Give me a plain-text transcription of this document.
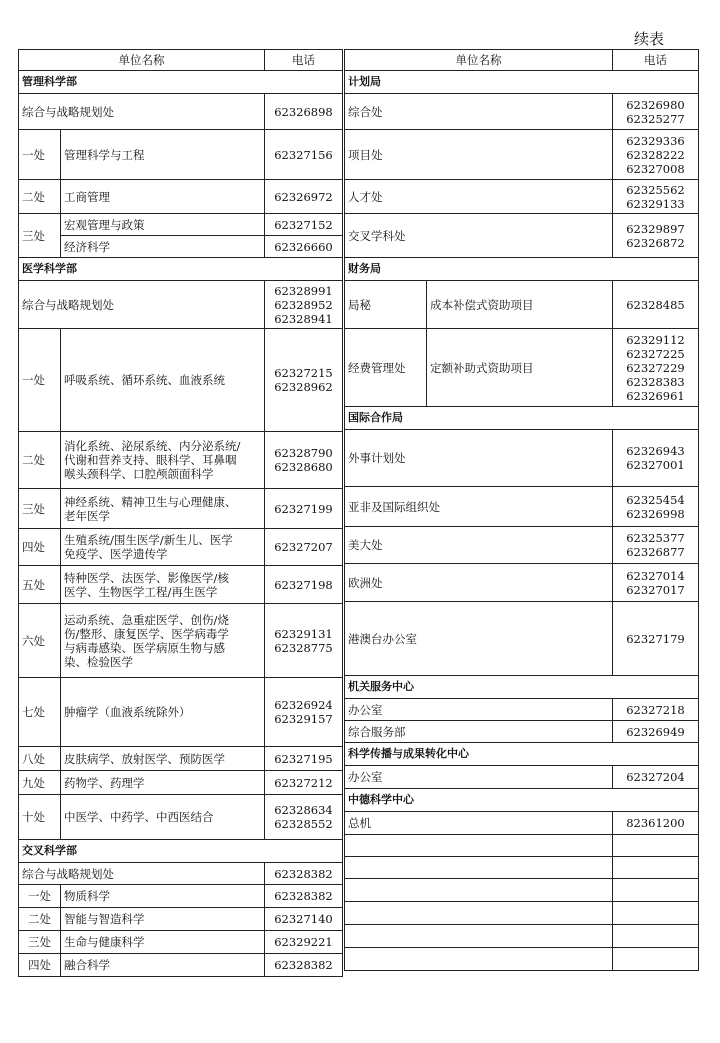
续表
单位名称		电话
管理科学部		
综合与战略规划处		62326898
一处	管理科学与工程	62327156
二处	工商管理	62326972
三处	宏观管理与政策	62327152
	经济科学	62326660
医学科学部		
综合与战略规划处		62328991
62328952
62328941
一处	呼吸系统、循环系统、血液系统	62327215
62328962
二处	消化系统、泌尿系统、内分泌系统/
代谢和营养支持、眼科学、耳鼻咽
喉头颈科学、口腔颅颌面科学	62328790
62328680
三处	神经系统、精神卫生与心理健康、
老年医学	62327199
四处	生殖系统/围生医学/新生儿、医学
免疫学、医学遗传学	62327207
五处	特种医学、法医学、影像医学/核
医学、生物医学工程/再生医学	62327198
六处	运动系统、急重症医学、创伤/烧
伤/整形、康复医学、医学病毒学
与病毒感染、医学病原生物与感
染、检验医学	62329131
62328775
七处	肿瘤学（血液系统除外）	62326924
62329157
八处	皮肤病学、放射医学、预防医学	62327195
九处	药物学、药理学	62327212
十处	中医学、中药学、中西医结合	62328634
62328552
交叉科学部		
综合与战略规划处		62328382
一处	物质科学	62328382
二处	智能与智造科学	62327140
三处	生命与健康科学	62329221
四处	融合科学	62328382
单位名称		电话
计划局		
综合处		62326980
62325277
项目处		62329336
62328222
62327008
人才处		62325562
62329133
交叉学科处		62329897
62326872
财务局		
局秘	成本补偿式资助项目	62328485
经费管理处	定额补助式资助项目	62329112
62327225
62327229
62328383
62326961
国际合作局		
外事计划处		62326943
62327001
亚非及国际组织处		62325454
62326998
美大处		62325377
62326877
欧洲处		62327014
62327017
港澳台办公室		62327179
机关服务中心		
办公室		62327218
综合服务部		62326949
科学传播与成果转化中心		
办公室		62327204
中德科学中心		
总机		82361200
